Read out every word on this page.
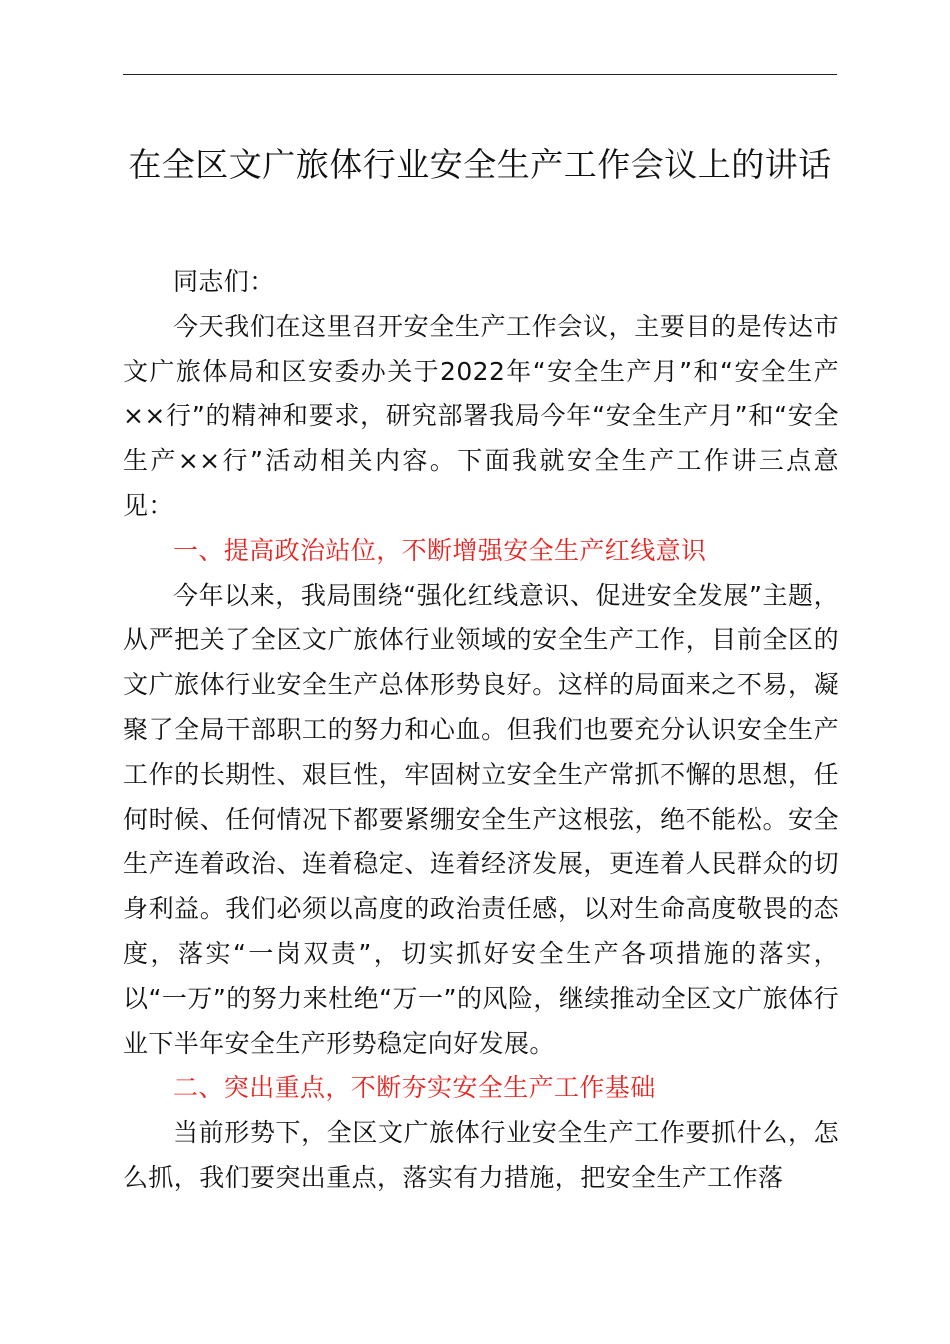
在全区文广旅体行业安全生产工作会议上的讲话

同志们：

今天我们在这里召开安全生产工作会议，主要目的是传达市文广旅体局和区安委办关于2022年“安全生产月”和“安全生产××行”的精神和要求，研究部署我局今年“安全生产月”和“安全生产××行”活动相关内容。下面我就安全生产工作讲三点意见：

一、提高政治站位，不断增强安全生产红线意识

今年以来，我局围绕“强化红线意识、促进安全发展”主题，从严把关了全区文广旅体行业领域的安全生产工作，目前全区的文广旅体行业安全生产总体形势良好。这样的局面来之不易，凝聚了全局干部职工的努力和心血。但我们也要充分认识安全生产工作的长期性、艰巨性，牢固树立安全生产常抓不懈的思想，任何时候、任何情况下都要紧绷安全生产这根弦，绝不能松。安全生产连着政治、连着稳定、连着经济发展，更连着人民群众的切身利益。我们必须以高度的政治责任感，以对生命高度敬畏的态度，落实“一岗双责”，切实抓好安全生产各项措施的落实，以“一万”的努力来杜绝“万一”的风险，继续推动全区文广旅体行业下半年安全生产形势稳定向好发展。

二、突出重点，不断夯实安全生产工作基础

当前形势下，全区文广旅体行业安全生产工作要抓什么，怎么抓，我们要突出重点，落实有力措施，把安全生产工作落
